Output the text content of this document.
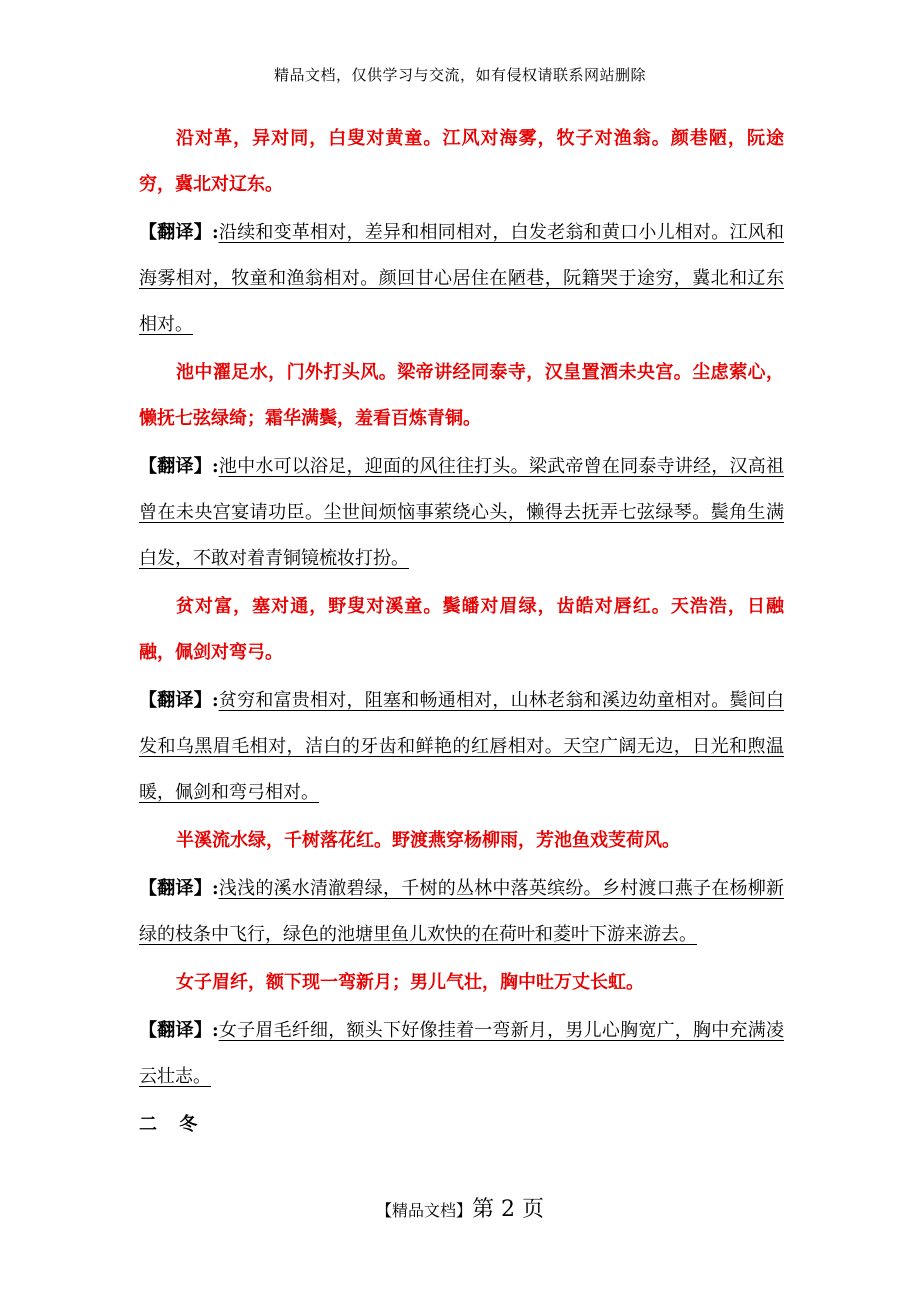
精品文档，仅供学习与交流，如有侵权请联系网站删除

沿对革，异对同，白叟对黄童。江风对海雾，牧子对渔翁。颜巷陋，阮途穷，冀北对辽东。

【翻译】:沿续和变革相对，差异和相同相对，白发老翁和黄口小儿相对。江风和海雾相对，牧童和渔翁相对。颜回甘心居住在陋巷，阮籍哭于途穷，冀北和辽东相对。

池中濯足水，门外打头风。梁帝讲经同泰寺，汉皇置酒未央宫。尘虑萦心，懒抚七弦绿绮；霜华满鬓，羞看百炼青铜。

【翻译】:池中水可以浴足，迎面的风往往打头。梁武帝曾在同泰寺讲经，汉高祖曾在未央宫宴请功臣。尘世间烦恼事萦绕心头，懒得去抚弄七弦绿琴。鬓角生满白发，不敢对着青铜镜梳妆打扮。

贫对富，塞对通，野叟对溪童。鬓皤对眉绿，齿皓对唇红。天浩浩，日融融，佩剑对弯弓。

【翻译】:贫穷和富贵相对，阻塞和畅通相对，山林老翁和溪边幼童相对。鬓间白发和乌黑眉毛相对，洁白的牙齿和鲜艳的红唇相对。天空广阔无边，日光和煦温暖，佩剑和弯弓相对。

半溪流水绿，千树落花红。野渡燕穿杨柳雨，芳池鱼戏芰荷风。

【翻译】:浅浅的溪水清澈碧绿，千树的丛林中落英缤纷。乡村渡口燕子在杨柳新绿的枝条中飞行，绿色的池塘里鱼儿欢快的在荷叶和菱叶下游来游去。

女子眉纤，额下现一弯新月；男儿气壮，胸中吐万丈长虹。

【翻译】:女子眉毛纤细，额头下好像挂着一弯新月，男儿心胸宽广，胸中充满凌云壮志。

二 冬
【精品文档】第 2 页
